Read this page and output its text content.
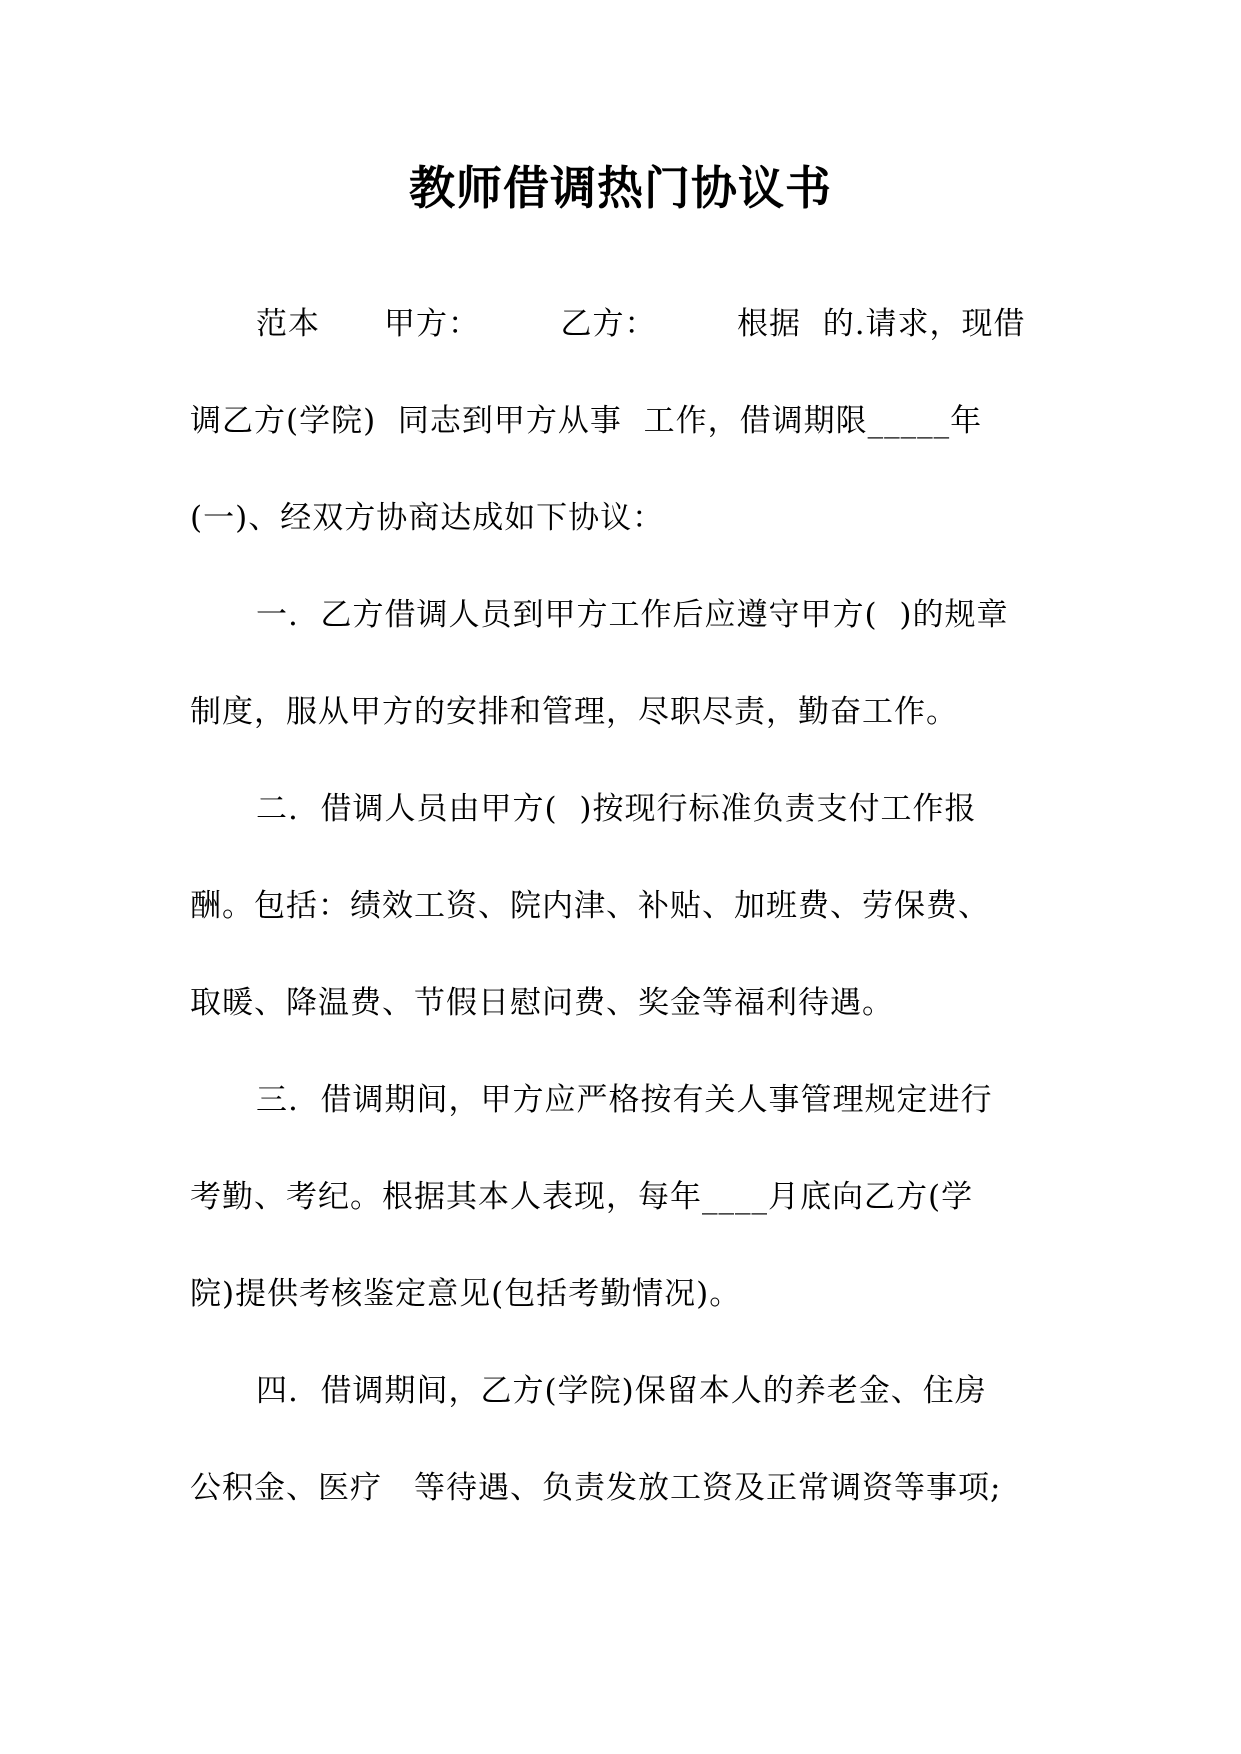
教师借调热门协议书
范本　　甲方：　　　乙方：　　　根据  的.请求，现借
调乙方(学院)  同志到甲方从事  工作，借调期限_____年
(一)、经双方协商达成如下协议：
一.  乙方借调人员到甲方工作后应遵守甲方(  )的规章
制度，服从甲方的安排和管理，尽职尽责，勤奋工作。
二.  借调人员由甲方(  )按现行标准负责支付工作报
酬。包括：绩效工资、院内津、补贴、加班费、劳保费、
取暖、降温费、节假日慰问费、奖金等福利待遇。
三.  借调期间，甲方应严格按有关人事管理规定进行
考勤、考纪。根据其本人表现，每年____月底向乙方(学
院)提供考核鉴定意见(包括考勤情况)。
四.  借调期间，乙方(学院)保留本人的养老金、住房
公积金、医疗　等待遇、负责发放工资及正常调资等事项;
